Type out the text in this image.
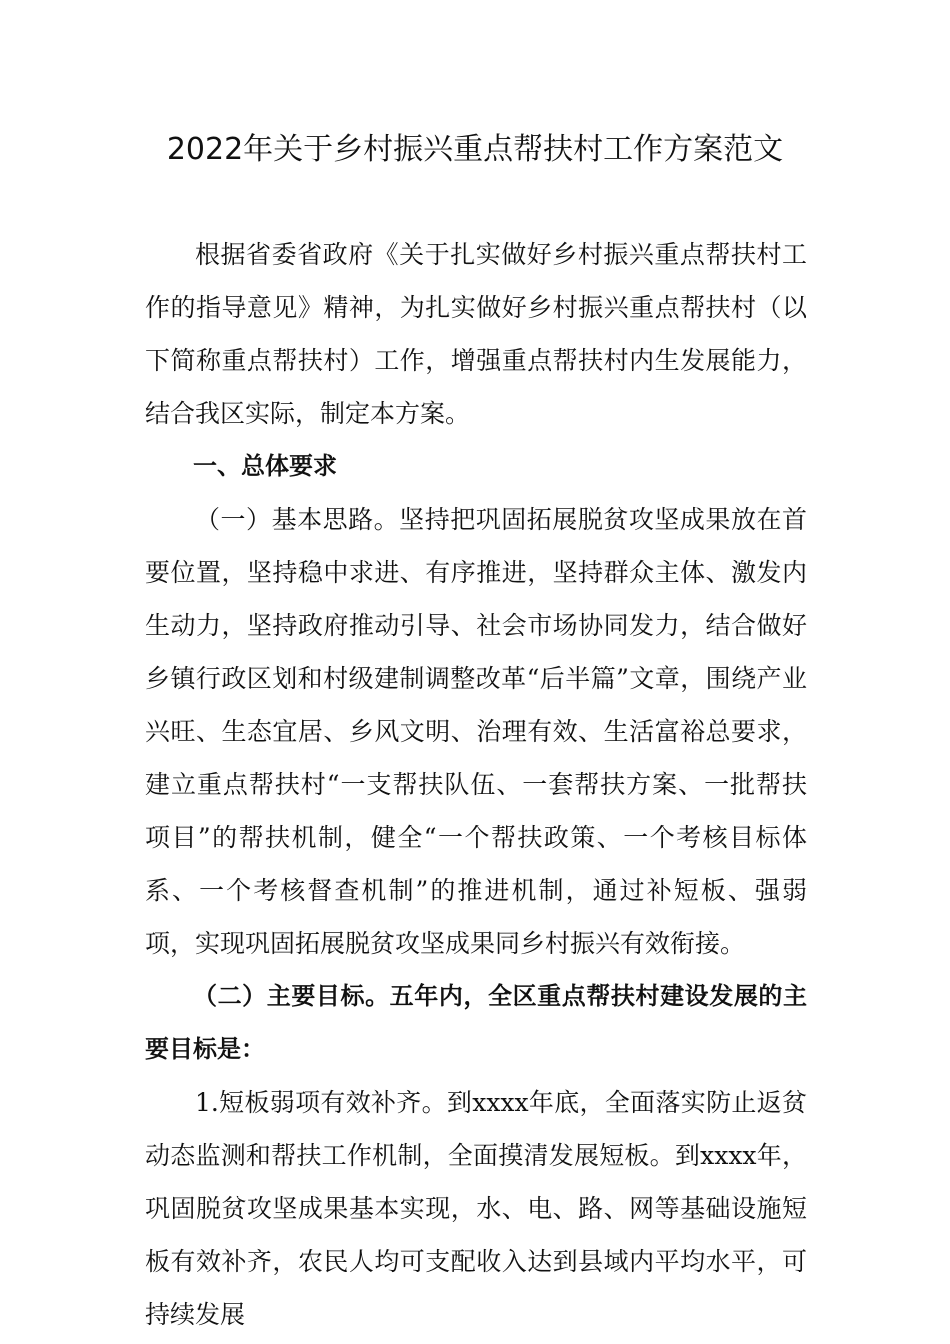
2022年关于乡村振兴重点帮扶村工作方案范文

根据省委省政府《关于扎实做好乡村振兴重点帮扶村工作的指导意见》精神，为扎实做好乡村振兴重点帮扶村（以下简称重点帮扶村）工作，增强重点帮扶村内生发展能力，结合我区实际，制定本方案。

一、总体要求

（一）基本思路。坚持把巩固拓展脱贫攻坚成果放在首要位置，坚持稳中求进、有序推进，坚持群众主体、激发内生动力，坚持政府推动引导、社会市场协同发力，结合做好乡镇行政区划和村级建制调整改革“后半篇”文章，围绕产业兴旺、生态宜居、乡风文明、治理有效、生活富裕总要求，建立重点帮扶村“一支帮扶队伍、一套帮扶方案、一批帮扶项目”的帮扶机制，健全“一个帮扶政策、一个考核目标体系、一个考核督查机制”的推进机制，通过补短板、强弱项，实现巩固拓展脱贫攻坚成果同乡村振兴有效衔接。

（二）主要目标。五年内，全区重点帮扶村建设发展的主要目标是：

1.短板弱项有效补齐。到xxxx年底，全面落实防止返贫动态监测和帮扶工作机制，全面摸清发展短板。到xxxx年，巩固脱贫攻坚成果基本实现，水、电、路、网等基础设施短板有效补齐，农民人均可支配收入达到县域内平均水平，可持续发展
